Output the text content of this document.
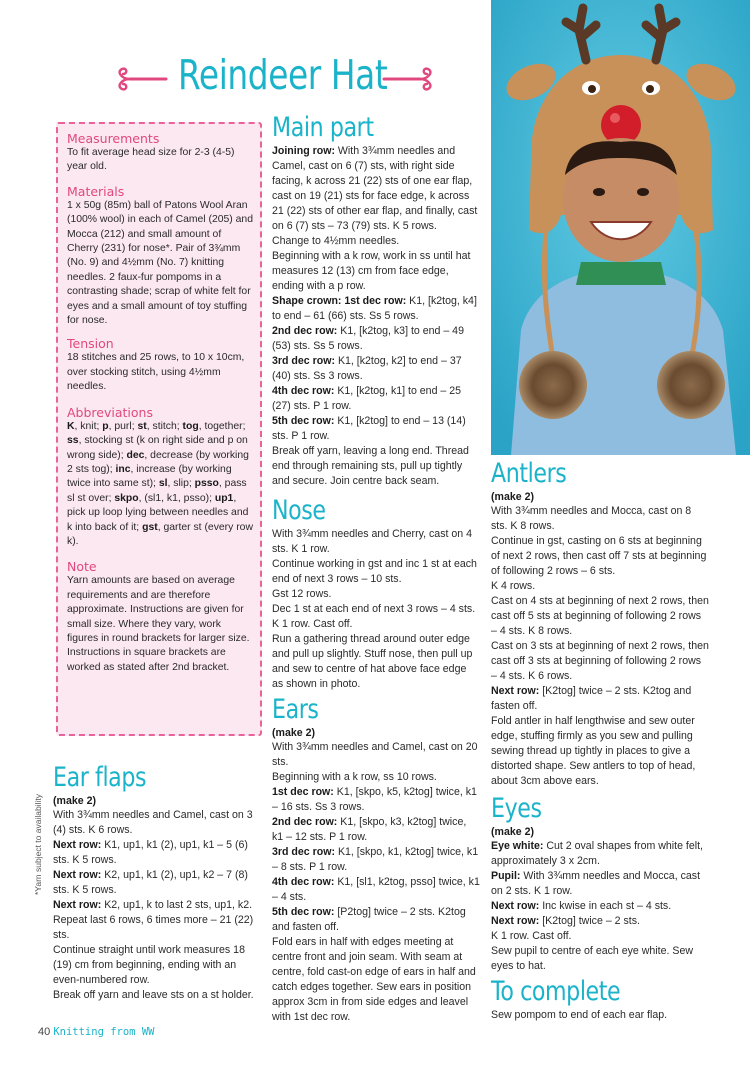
Reindeer Hat
Measurements
To fit average head size for 2-3 (4-5) year old.
Materials
1 x 50g (85m) ball of Patons Wool Aran (100% wool) in each of Camel (205) and Mocca (212) and small amount of Cherry (231) for nose*. Pair of 3¾mm (No. 9) and 4½mm (No. 7) knitting needles. 2 faux-fur pompoms in a contrasting shade; scrap of white felt for eyes and a small amount of toy stuffing for nose.
Tension
18 stitches and 25 rows, to 10 x 10cm, over stocking stitch, using 4½mm needles.
Abbreviations
K, knit; p, purl; st, stitch; tog, together; ss, stocking st (k on right side and p on wrong side); dec, decrease (by working 2 sts tog); inc, increase (by working twice into same st); sl, slip; psso, pass sl st over; skpo, (sl1, k1, psso); up1, pick up loop lying between needles and k into back of it; gst, garter st (every row k).
Note
Yarn amounts are based on average requirements and are therefore approximate. Instructions are given for small size. Where they vary, work figures in round brackets for larger size. Instructions in square brackets are worked as stated after 2nd bracket.
Ear flaps
(make 2)

With 3¾mm needles and Camel, cast on 3 (4) sts. K 6 rows.

Next row: K1, up1, k1 (2), up1, k1 – 5 (6) sts. K 5 rows.

Next row: K2, up1, k1 (2), up1, k2 – 7 (8) sts. K 5 rows.

Next row: K2, up1, k to last 2 sts, up1, k2. Repeat last 6 rows, 6 times more – 21 (22) sts.

Continue straight until work measures 18 (19) cm from beginning, ending with an even-numbered row.

Break off yarn and leave sts on a st holder.

Main part

Joining row: With 3¾mm needles and Camel, cast on 6 (7) sts, with right side facing, k across 21 (22) sts of one ear flap, cast on 19 (21) sts for face edge, k across 21 (22) sts of other ear flap, and finally, cast on 6 (7) sts – 73 (79) sts. K 5 rows.

Change to 4½mm needles.

Beginning with a k row, work in ss until hat measures 12 (13) cm from face edge, ending with a p row.

Shape crown: 1st dec row: K1, [k2tog, k4] to end – 61 (66) sts. Ss 5 rows.

2nd dec row: K1, [k2tog, k3] to end – 49 (53) sts. Ss 5 rows.

3rd dec row: K1, [k2tog, k2] to end – 37 (40) sts. Ss 3 rows.

4th dec row: K1, [k2tog, k1] to end – 25 (27) sts. P 1 row.

5th dec row: K1, [k2tog] to end – 13 (14) sts. P 1 row.

Break off yarn, leaving a long end. Thread end through remaining sts, pull up tightly and secure. Join centre back seam.

Nose

With 3¾mm needles and Cherry, cast on 4 sts. K 1 row.

Continue working in gst and inc 1 st at each end of next 3 rows – 10 sts.

Gst 12 rows.

Dec 1 st at each end of next 3 rows – 4 sts. K 1 row. Cast off.

Run a gathering thread around outer edge and pull up slightly. Stuff nose, then pull up and sew to centre of hat above face edge as shown in photo.

Ears
(make 2)

With 3¾mm needles and Camel, cast on 20 sts.

Beginning with a k row, ss 10 rows.

1st dec row: K1, [skpo, k5, k2tog] twice, k1 – 16 sts. Ss 3 rows.

2nd dec row: K1, [skpo, k3, k2tog] twice, k1 – 12 sts. P 1 row.

3rd dec row: K1, [skpo, k1, k2tog] twice, k1 – 8 sts. P 1 row.

4th dec row: K1, [sl1, k2tog, psso] twice, k1 – 4 sts.

5th dec row: [P2tog] twice – 2 sts. K2tog and fasten off.

Fold ears in half with edges meeting at centre front and join seam. With seam at centre, fold cast-on edge of ears in half and catch edges together. Sew ears in position approx 3cm in from side edges and leavel with 1st dec row.

Antlers
(make 2)

With 3¾mm needles and Mocca, cast on 8 sts. K 8 rows.

Continue in gst, casting on 6 sts at beginning of next 2 rows, then cast off 7 sts at beginning of following 2 rows – 6 sts.

K 4 rows.

Cast on 4 sts at beginning of next 2 rows, then cast off 5 sts at beginning of following 2 rows – 4 sts. K 8 rows.

Cast on 3 sts at beginning of next 2 rows, then cast off 3 sts at beginning of following 2 rows – 4 sts. K 6 rows.

Next row: [K2tog] twice – 2 sts. K2tog and fasten off.

Fold antler in half lengthwise and sew outer edge, stuffing firmly as you sew and pulling sewing thread up tightly in places to give a distorted shape. Sew antlers to top of head, about 3cm above ears.

Eyes
(make 2)

Eye white: Cut 2 oval shapes from white felt, approximately 3 x 2cm.

Pupil: With 3¾mm needles and Mocca, cast on 2 sts. K 1 row.

Next row: Inc kwise in each st – 4 sts.

Next row: [K2tog] twice – 2 sts.

K 1 row. Cast off.

Sew pupil to centre of each eye white. Sew eyes to hat.

To complete
Sew pompom to end of each ear flap.
*Yarn subject to availability
40 Knitting from WW
